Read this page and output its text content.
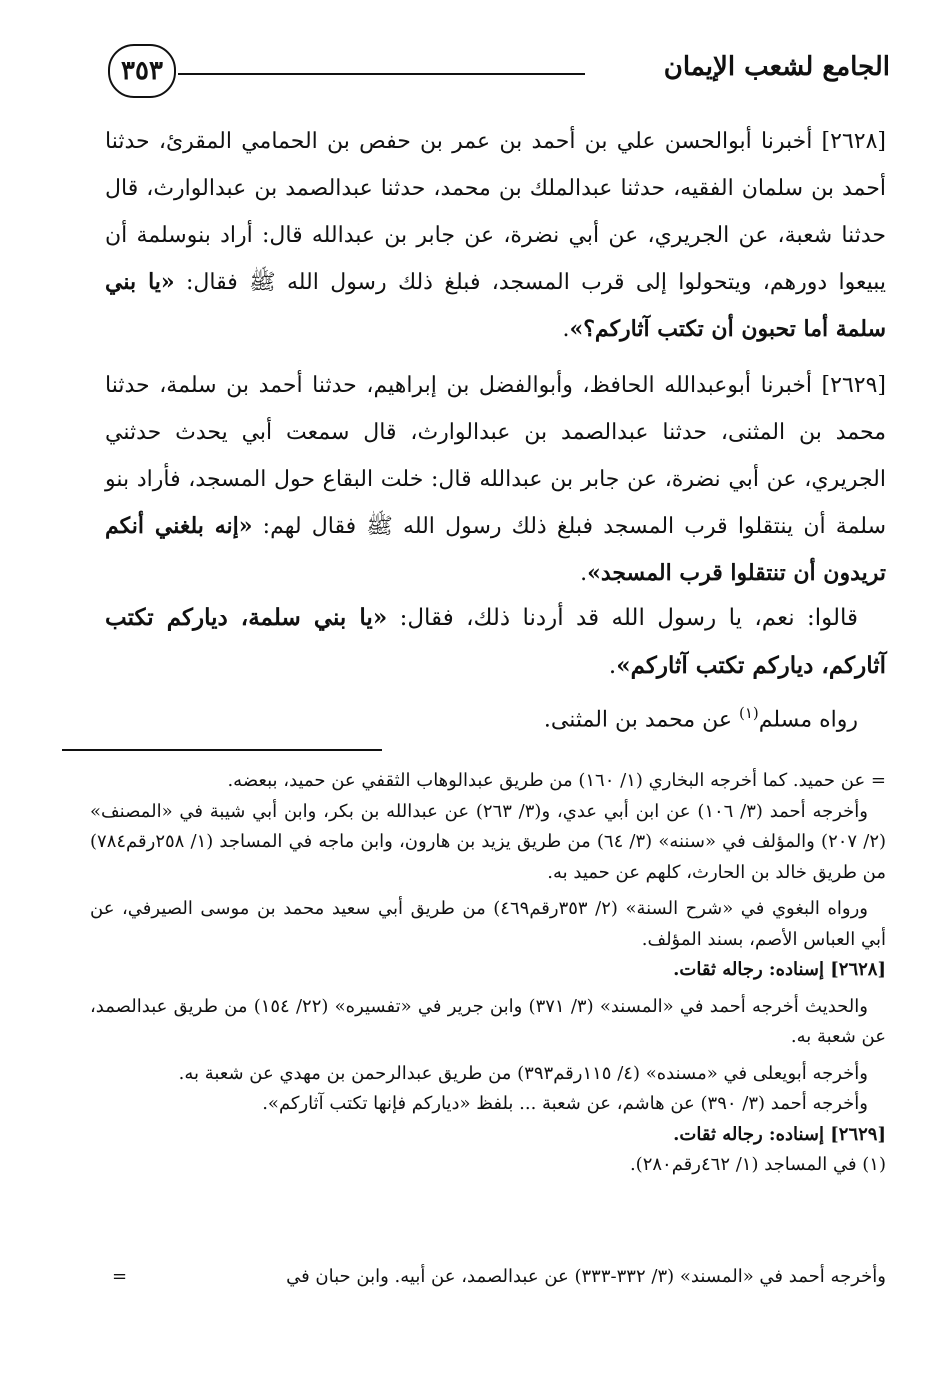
الجامع لشعب الإيمان
٣٥٣
[٢٦٢٨] أخبرنا أبوالحسن علي بن أحمد بن عمر بن حفص بن الحمامي المقرئ، حدثنا أحمد بن سلمان الفقيه، حدثنا عبدالملك بن محمد، حدثنا عبدالصمد بن عبدالوارث، قال حدثنا شعبة، عن الجريري، عن أبي نضرة، عن جابر بن عبدالله قال: أراد بنوسلمة أن يبيعوا دورهم، ويتحولوا إلى قرب المسجد، فبلغ ذلك رسول الله ﷺ فقال: «يا بني سلمة أما تحبون أن تكتب آثاركم؟».
[٢٦٢٩] أخبرنا أبوعبدالله الحافظ، وأبوالفضل بن إبراهيم، حدثنا أحمد بن سلمة، حدثنا محمد بن المثنى، حدثنا عبدالصمد بن عبدالوارث، قال سمعت أبي يحدث حدثني الجريري، عن أبي نضرة، عن جابر بن عبدالله قال: خلت البقاع حول المسجد، فأراد بنو سلمة أن ينتقلوا قرب المسجد فبلغ ذلك رسول الله ﷺ فقال لهم: «إنه بلغني أنكم تريدون أن تنتقلوا قرب المسجد».
قالوا: نعم، يا رسول الله قد أردنا ذلك، فقال: «يا بني سلمة، دياركم تكتب آثاركم، دياركم تكتب آثاركم».
رواه مسلم$^{(١)}$ عن محمد بن المثنى.

= عن حميد. كما أخرجه البخاري (١/ ١٦٠) من طريق عبدالوهاب الثقفي عن حميد، ببعضه.

وأخرجه أحمد (٣/ ١٠٦) عن ابن أبي عدي، و(٣/ ٢٦٣) عن عبدالله بن بكر، وابن أبي شيبة في «المصنف» (٢/ ٢٠٧) والمؤلف في «سننه» (٣/ ٦٤) من طريق يزيد بن هارون، وابن ماجه في المساجد (١/ ٢٥٨رقم٧٨٤) من طريق خالد بن الحارث، كلهم عن حميد به.

ورواه البغوي في «شرح السنة» (٢/ ٣٥٣رقم٤٦٩) من طريق أبي سعيد محمد بن موسى الصيرفي، عن أبي العباس الأصم، بسند المؤلف.

[٢٦٢٨] إسناده: رجاله ثقات.

والحديث أخرجه أحمد في «المسند» (٣/ ٣٧١) وابن جرير في «تفسيره» (٢٢/ ١٥٤) من طريق عبدالصمد، عن شعبة به.

وأخرجه أبويعلى في «مسنده» (٤/ ١١٥رقم٣٩٣) من طريق عبدالرحمن بن مهدي عن شعبة به.

وأخرجه أحمد (٣/ ٣٩٠) عن هاشم، عن شعبة ... بلفظ «دياركم فإنها تكتب آثاركم».

[٢٦٢٩] إسناده: رجاله ثقات.

(١) في المساجد (١/ ٤٦٢رقم٢٨٠).

وأخرجه أحمد في «المسند» (٣/ ٣٣٢-٣٣٣) عن عبدالصمد، عن أبيه. وابن حبان في
=
